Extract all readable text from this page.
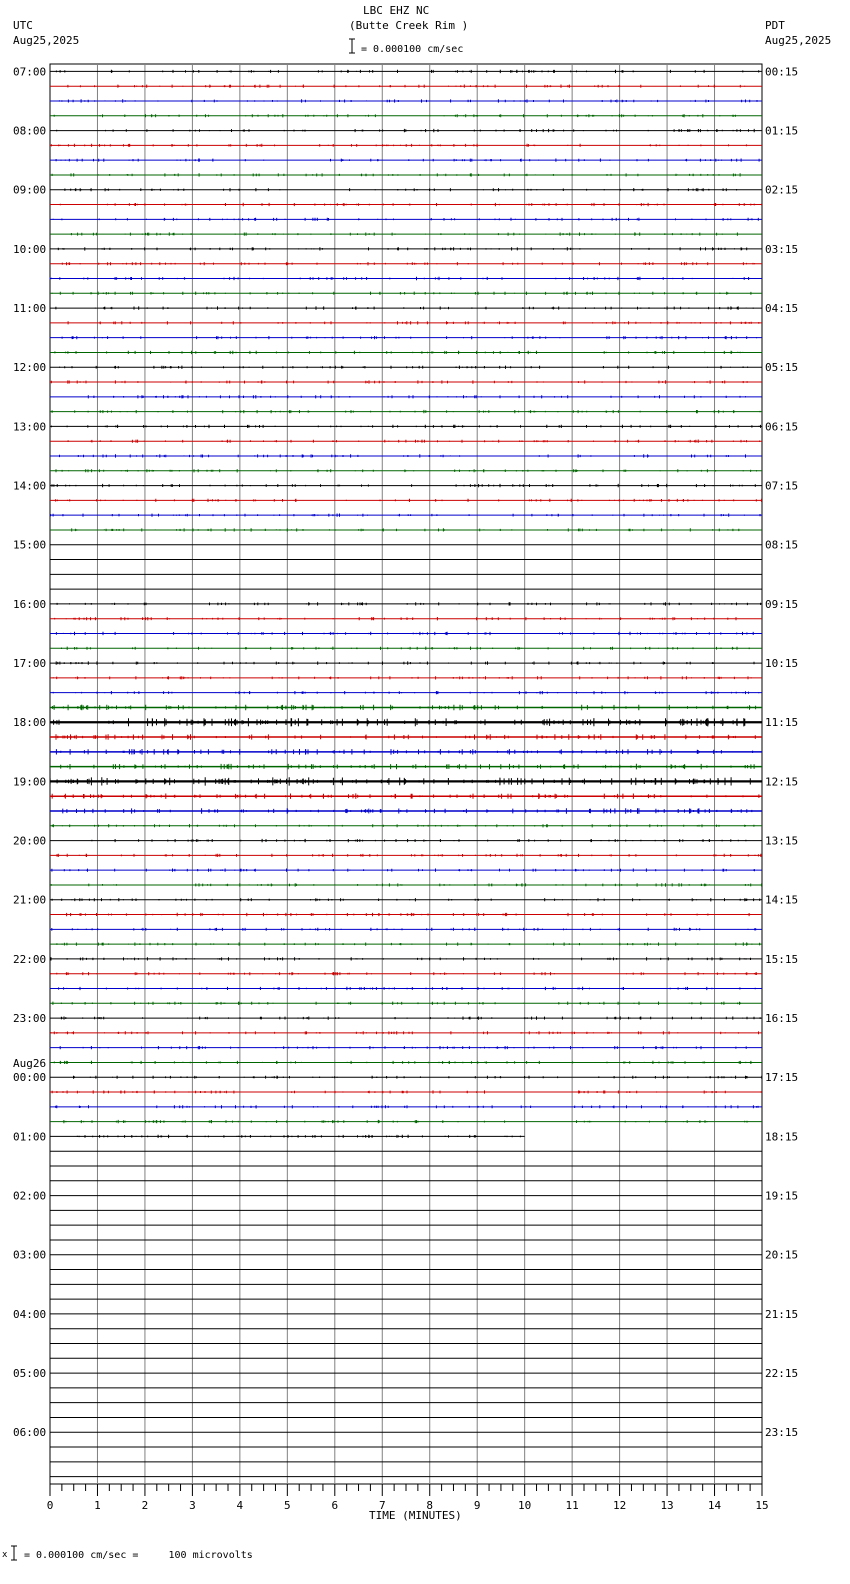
LBC EHZ NC
(Butte Creek Rim )
UTC
Aug25,2025
PDT
Aug25,2025
= 0.000100 cm/sec
x = 0.000100 cm/sec =     100 microvolts
TIME (MINUTES)
07:00	00:15
08:00	01:15
09:00	02:15
10:00	03:15
11:00	04:15
12:00	05:15
13:00	06:15
14:00	07:15
15:00	08:15
16:00	09:15
17:00	10:15
18:00	11:15
19:00	12:15
20:00	13:15
21:00	14:15
22:00	15:15
23:00	16:15
00:00	17:15
01:00	18:15
02:00	19:15
03:00	20:15
04:00	21:15
05:00	22:15
06:00	23:15
Aug26
0	1	2	3	4	5	6	7	8	9	10	11	12	13	14	15
